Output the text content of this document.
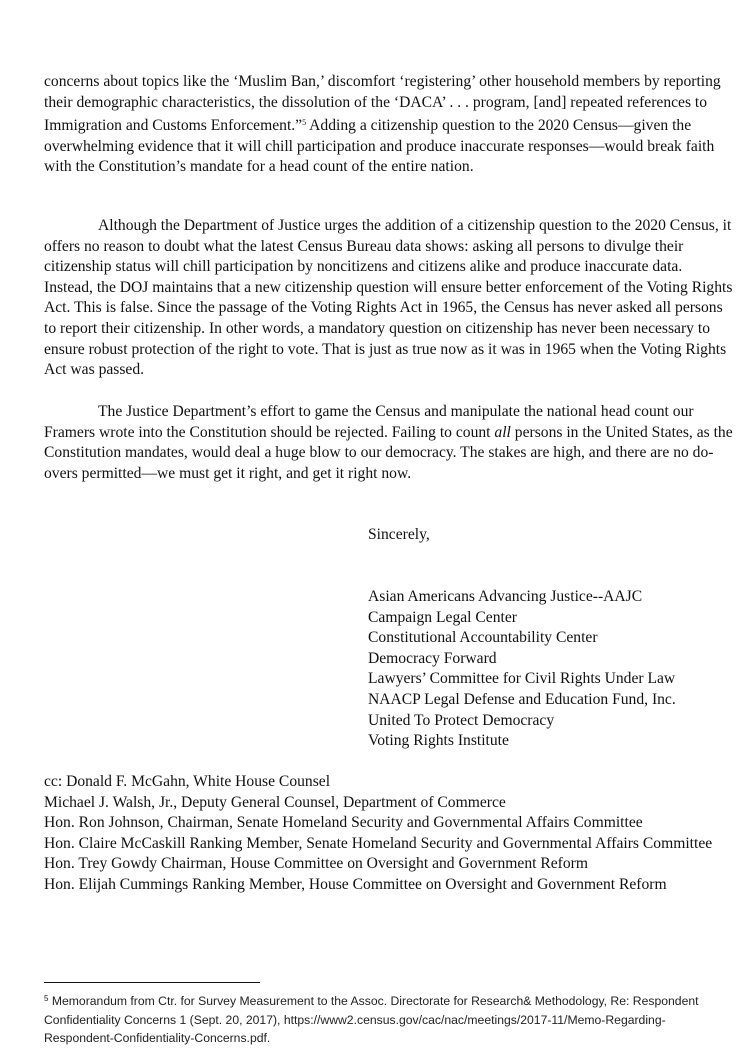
concerns about topics like the ‘Muslim Ban,’ discomfort ‘registering’ other household members by reporting their demographic characteristics, the dissolution of the ‘DACA’ . . . program, [and] repeated references to Immigration and Customs Enforcement.”$^5$ Adding a citizenship question to the 2020 Census—given the overwhelming evidence that it will chill participation and produce inaccurate responses—would break faith with the Constitution’s mandate for a head count of the entire nation.

Although the Department of Justice urges the addition of a citizenship question to the 2020 Census, it offers no reason to doubt what the latest Census Bureau data shows: asking all persons to divulge their citizenship status will chill participation by noncitizens and citizens alike and produce inaccurate data. Instead, the DOJ maintains that a new citizenship question will ensure better enforcement of the Voting Rights Act. This is false. Since the passage of the Voting Rights Act in 1965, the Census has never asked all persons to report their citizenship. In other words, a mandatory question on citizenship has never been necessary to ensure robust protection of the right to vote. That is just as true now as it was in 1965 when the Voting Rights Act was passed.

The Justice Department’s effort to game the Census and manipulate the national head count our Framers wrote into the Constitution should be rejected. Failing to count all persons in the United States, as the Constitution mandates, would deal a huge blow to our democracy. The stakes are high, and there are no do-overs permitted—we must get it right, and get it right now.

Sincerely,

Asian Americans Advancing Justice--AAJC
Campaign Legal Center
Constitutional Accountability Center
Democracy Forward
Lawyers’ Committee for Civil Rights Under Law
NAACP Legal Defense and Education Fund, Inc.
United To Protect Democracy
Voting Rights Institute
cc: Donald F. McGahn, White House Counsel
Michael J. Walsh, Jr., Deputy General Counsel, Department of Commerce
Hon. Ron Johnson, Chairman, Senate Homeland Security and Governmental Affairs Committee
Hon. Claire McCaskill Ranking Member, Senate Homeland Security and Governmental Affairs Committee
Hon. Trey Gowdy Chairman, House Committee on Oversight and Government Reform
Hon. Elijah Cummings Ranking Member, House Committee on Oversight and Government Reform

$^5$ Memorandum from Ctr. for Survey Measurement to the Assoc. Directorate for Research& Methodology, Re: Respondent Confidentiality Concerns 1 (Sept. 20, 2017), https://www2.census.gov/cac/nac/meetings/2017-11/Memo-Regarding-Respondent-Confidentiality-Concerns.pdf.
